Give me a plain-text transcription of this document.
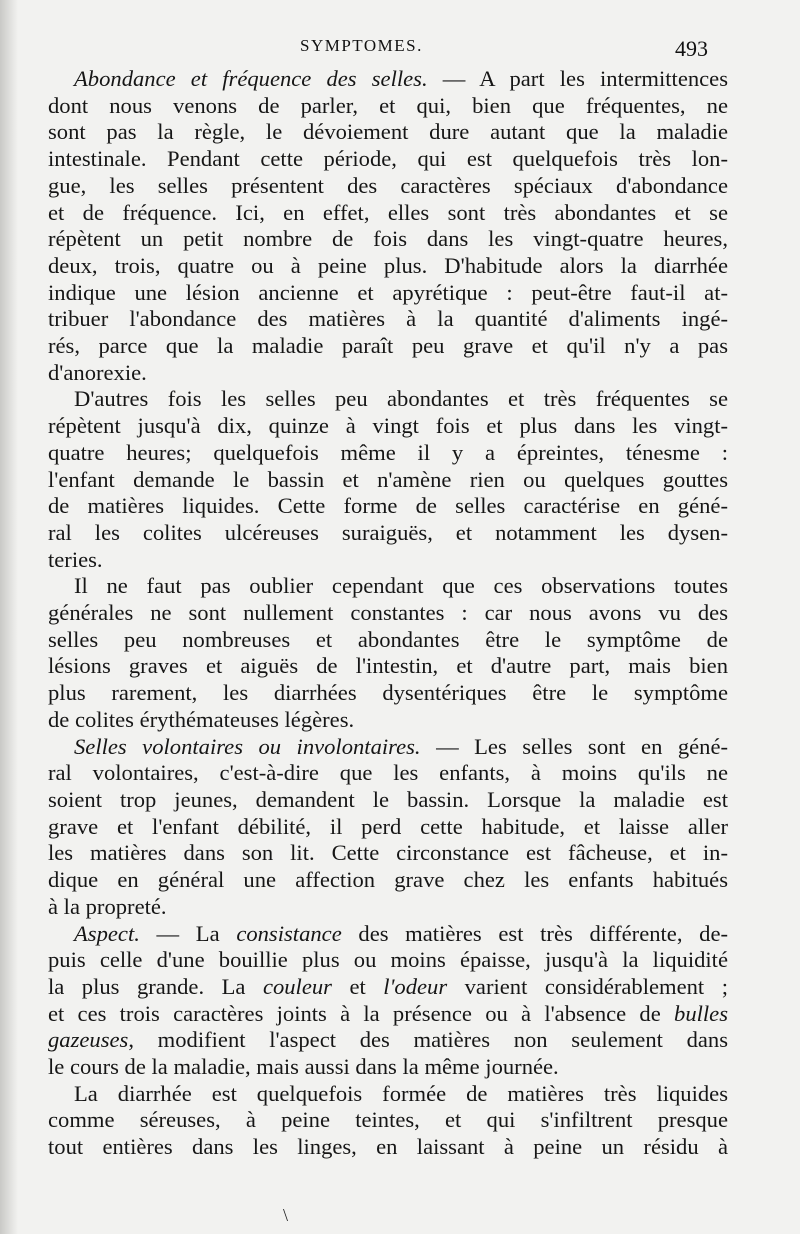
SYMPTOMES.	493
Abondance et fréquence des selles. — A part les intermittences
dont nous venons de parler, et qui, bien que fréquentes, ne
sont pas la règle, le dévoiement dure autant que la maladie
intestinale. Pendant cette période, qui est quelquefois très lon-
gue, les selles présentent des caractères spéciaux d'abondance
et de fréquence. Ici, en effet, elles sont très abondantes et se
répètent un petit nombre de fois dans les vingt-quatre heures,
deux, trois, quatre ou à peine plus. D'habitude alors la diarrhée
indique une lésion ancienne et apyrétique : peut-être faut-il at-
tribuer l'abondance des matières à la quantité d'aliments ingé-
rés, parce que la maladie paraît peu grave et qu'il n'y a pas
d'anorexie.
D'autres fois les selles peu abondantes et très fréquentes se
répètent jusqu'à dix, quinze à vingt fois et plus dans les vingt-
quatre heures; quelquefois même il y a épreintes, ténesme :
l'enfant demande le bassin et n'amène rien ou quelques gouttes
de matières liquides. Cette forme de selles caractérise en géné-
ral les colites ulcéreuses suraiguës, et notamment les dysen-
teries.
Il ne faut pas oublier cependant que ces observations toutes
générales ne sont nullement constantes : car nous avons vu des
selles peu nombreuses et abondantes être le symptôme de
lésions graves et aiguës de l'intestin, et d'autre part, mais bien
plus rarement, les diarrhées dysentériques être le symptôme
de colites érythémateuses légères.
Selles volontaires ou involontaires. — Les selles sont en géné-
ral volontaires, c'est-à-dire que les enfants, à moins qu'ils ne
soient trop jeunes, demandent le bassin. Lorsque la maladie est
grave et l'enfant débilité, il perd cette habitude, et laisse aller
les matières dans son lit. Cette circonstance est fâcheuse, et in-
dique en général une affection grave chez les enfants habitués
à la propreté.
Aspect. — La consistance des matières est très différente, de-
puis celle d'une bouillie plus ou moins épaisse, jusqu'à la liquidité
la plus grande. La couleur et l'odeur varient considérablement ;
et ces trois caractères joints à la présence ou à l'absence de bulles
gazeuses, modifient l'aspect des matières non seulement dans
le cours de la maladie, mais aussi dans la même journée.
La diarrhée est quelquefois formée de matières très liquides
comme séreuses, à peine teintes, et qui s'infiltrent presque
tout entières dans les linges, en laissant à peine un résidu à
\
